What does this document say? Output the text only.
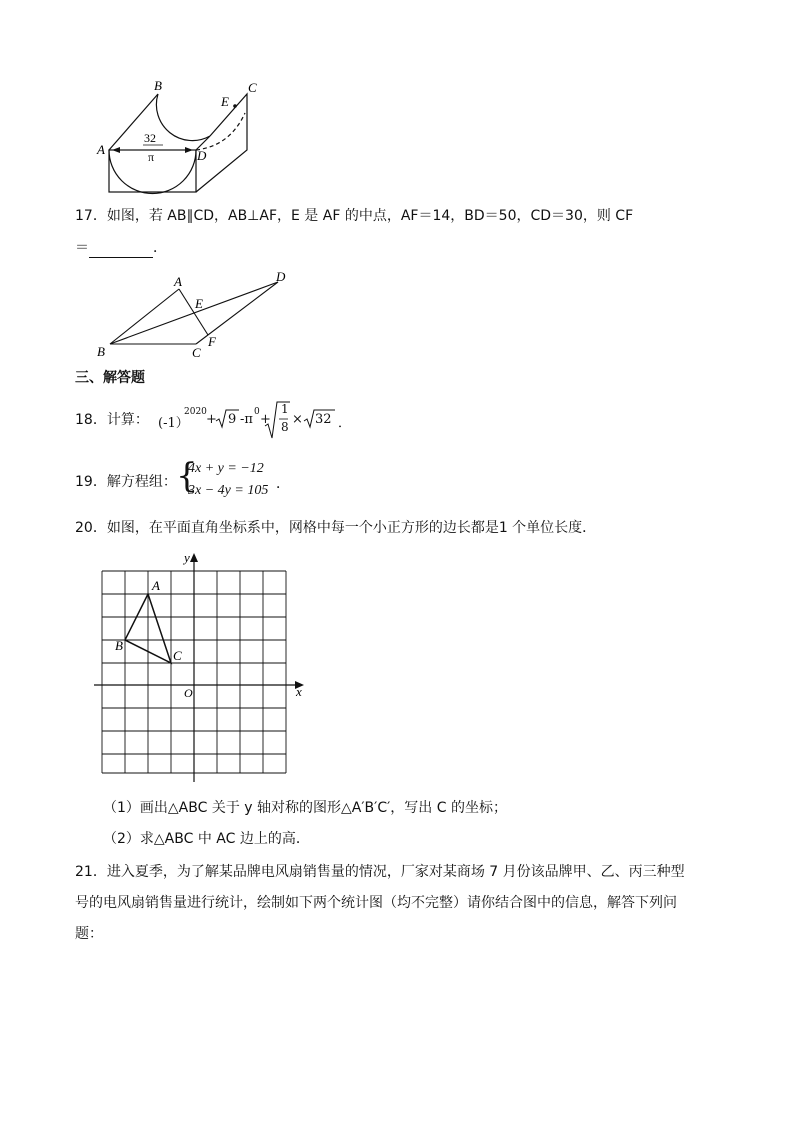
32
π
A
B	C
D
E
17．如图，若 AB∥CD，AB⊥AF，E 是 AF 的中点，AF＝14，BD＝50，CD＝30，则 CF
＝	．
A
B	C
D
E
F
三、解答题
18．计算： (-1）
2020 + 9 -π 0 +
1
8 × 32 ．
19．解方程组： {
4x + y = −12
3x − 4y = 105 ．
20．如图，在平面直角坐标系中，网格中每一个小正方形的边长都是1 个单位长度．
y
x
O
A
B
C
（1）画出△ABC 关于 y 轴对称的图形△A′B′C′，写出 C 的坐标；
（2）求△ABC 中 AC 边上的高．
21．进入夏季，为了解某品牌电风扇销售量的情况，厂家对某商场 7 月份该品牌甲、乙、丙三种型
号的电风扇销售量进行统计，绘制如下两个统计图（均不完整）请你结合图中的信息，解答下列问
题：
